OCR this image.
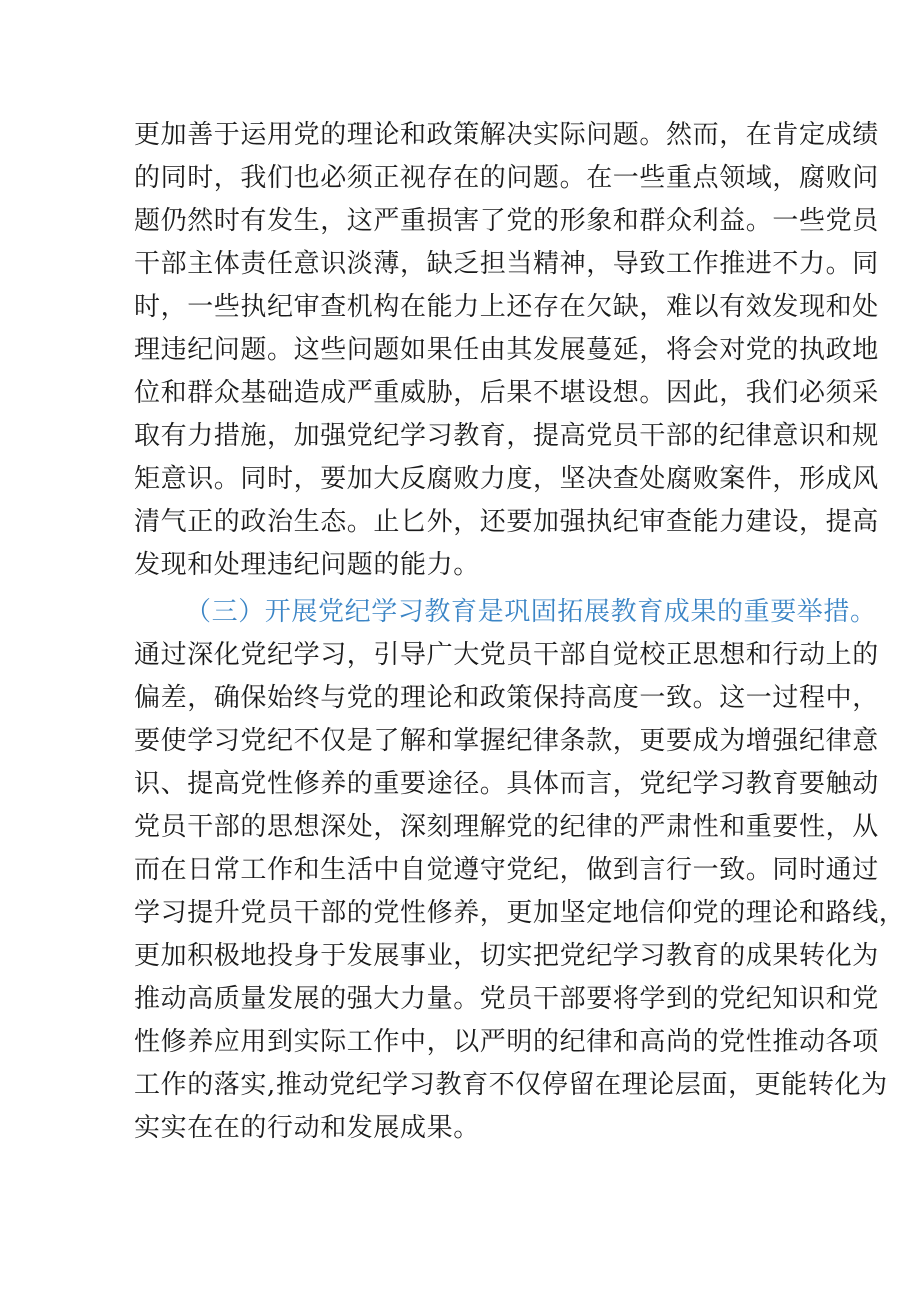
更加善于运用党的理论和政策解决实际问题。然而，在肯定成绩
的同时，我们也必须正视存在的问题。在一些重点领域，腐败问
题仍然时有发生，这严重损害了党的形象和群众利益。一些党员
干部主体责任意识淡薄，缺乏担当精神，导致工作推进不力。同
时，一些执纪审查机构在能力上还存在欠缺，难以有效发现和处
理违纪问题。这些问题如果任由其发展蔓延，将会对党的执政地
位和群众基础造成严重威胁，后果不堪设想。因此，我们必须采
取有力措施，加强党纪学习教育，提高党员干部的纪律意识和规
矩意识。同时，要加大反腐败力度，坚决查处腐败案件，形成风
清气正的政治生态。止匕外，还要加强执纪审查能力建设，提高
发现和处理违纪问题的能力。
（三）开展党纪学习教育是巩固拓展教育成果的重要举措。
通过深化党纪学习，引导广大党员干部自觉校正思想和行动上的
偏差，确保始终与党的理论和政策保持高度一致。这一过程中，
要使学习党纪不仅是了解和掌握纪律条款，更要成为增强纪律意
识、提高党性修养的重要途径。具体而言，党纪学习教育要触动
党员干部的思想深处，深刻理解党的纪律的严肃性和重要性，从
而在日常工作和生活中自觉遵守党纪，做到言行一致。同时通过
学习提升党员干部的党性修养，更加坚定地信仰党的理论和路线，
更加积极地投身于发展事业，切实把党纪学习教育的成果转化为
推动高质量发展的强大力量。党员干部要将学到的党纪知识和党
性修养应用到实际工作中，以严明的纪律和高尚的党性推动各项
工作的落实,推动党纪学习教育不仅停留在理论层面，更能转化为
实实在在的行动和发展成果。
